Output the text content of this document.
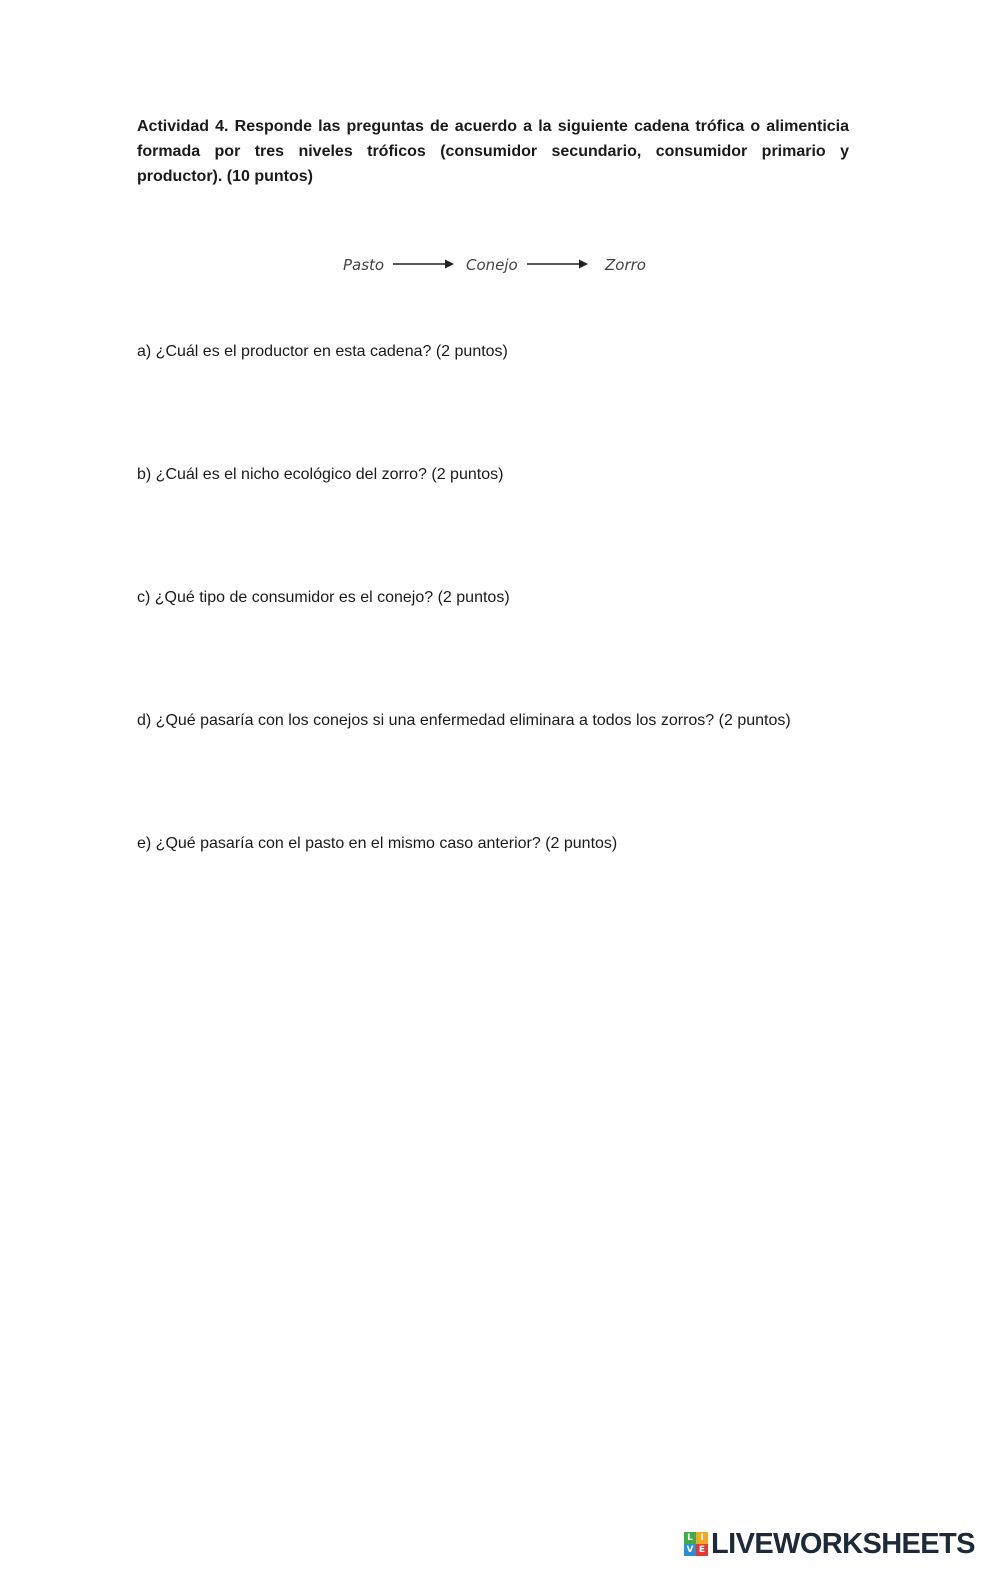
Actividad 4. Responde las preguntas de acuerdo a la siguiente cadena trófica o alimenticia formada por tres niveles tróficos (consumidor secundario, consumidor primario y productor). (10 puntos)

Pasto	Conejo	Zorro

a) ¿Cuál es el productor en esta cadena? (2 puntos)

b) ¿Cuál es el nicho ecológico del zorro? (2 puntos)

c) ¿Qué tipo de consumidor es el conejo? (2 puntos)

d) ¿Qué pasaría con los conejos si una enfermedad eliminara a todos los zorros? (2 puntos)

e) ¿Qué pasaría con el pasto en el mismo caso anterior? (2 puntos)

L I
V E LIVEWORKSHEETS
